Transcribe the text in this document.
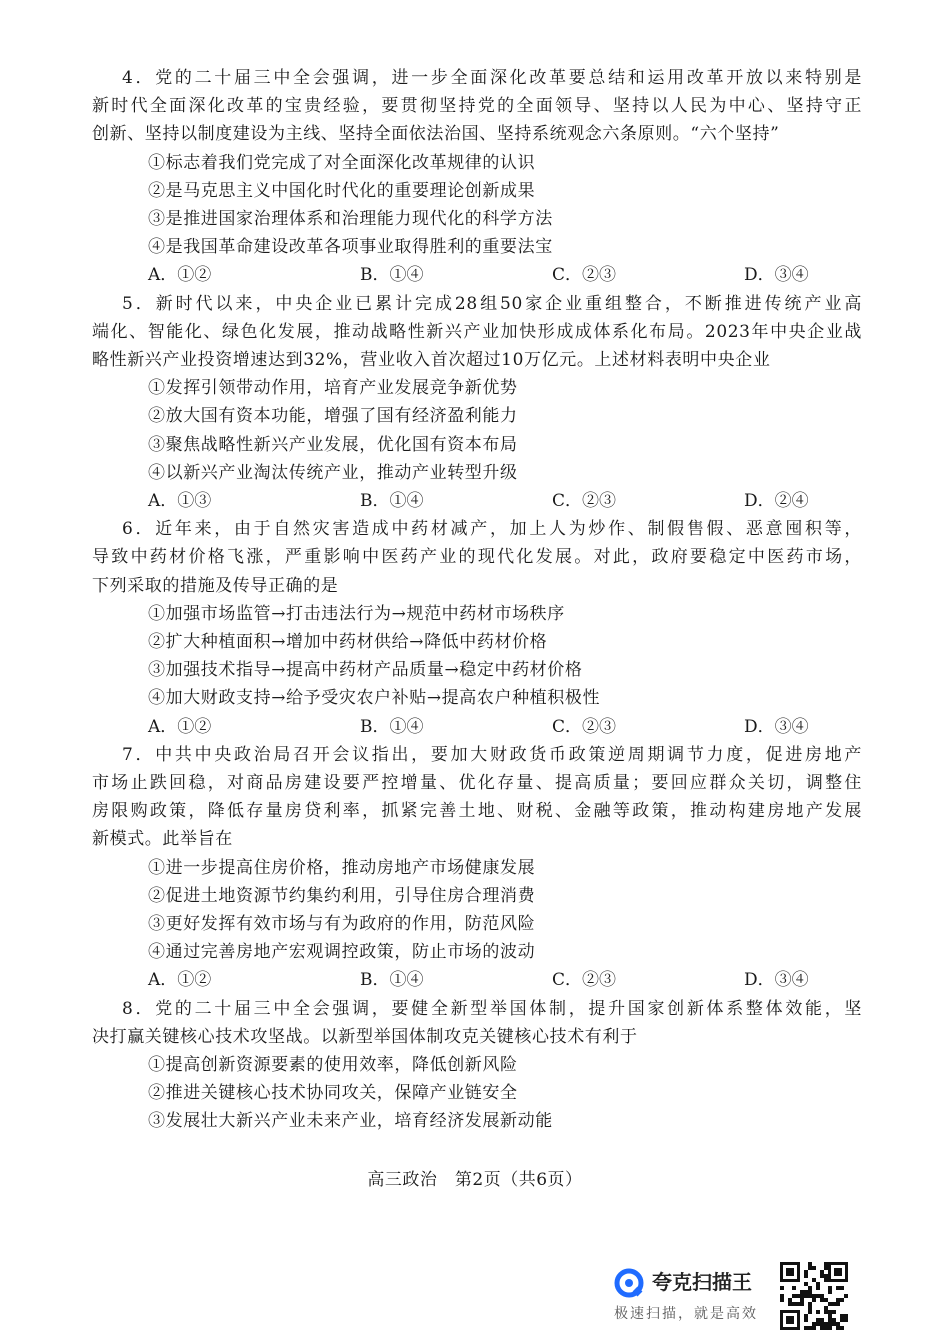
4．党的二十届三中全会强调，进一步全面深化改革要总结和运用改革开放以来特别是
新时代全面深化改革的宝贵经验，要贯彻坚持党的全面领导、坚持以人民为中心、坚持守正
创新、坚持以制度建设为主线、坚持全面依法治国、坚持系统观念六条原则。“六个坚持”
①标志着我们党完成了对全面深化改革规律的认识
②是马克思主义中国化时代化的重要理论创新成果
③是推进国家治理体系和治理能力现代化的科学方法
④是我国革命建设改革各项事业取得胜利的重要法宝
A．①②	B．①④	C．②③	D．③④
5．新时代以来，中央企业已累计完成28组50家企业重组整合，不断推进传统产业高
端化、智能化、绿色化发展，推动战略性新兴产业加快形成成体系化布局。2023年中央企业战
略性新兴产业投资增速达到32%，营业收入首次超过10万亿元。上述材料表明中央企业
①发挥引领带动作用，培育产业发展竞争新优势
②放大国有资本功能，增强了国有经济盈利能力
③聚焦战略性新兴产业发展，优化国有资本布局
④以新兴产业淘汰传统产业，推动产业转型升级
A．①③	B．①④	C．②③	D．②④
6．近年来，由于自然灾害造成中药材减产，加上人为炒作、制假售假、恶意囤积等，
导致中药材价格飞涨，严重影响中医药产业的现代化发展。对此，政府要稳定中医药市场，
下列采取的措施及传导正确的是
①加强市场监管→打击违法行为→规范中药材市场秩序
②扩大种植面积→增加中药材供给→降低中药材价格
③加强技术指导→提高中药材产品质量→稳定中药材价格
④加大财政支持→给予受灾农户补贴→提高农户种植积极性
A．①②	B．①④	C．②③	D．③④
7．中共中央政治局召开会议指出，要加大财政货币政策逆周期调节力度，促进房地产
市场止跌回稳，对商品房建设要严控增量、优化存量、提高质量；要回应群众关切，调整住
房限购政策，降低存量房贷利率，抓紧完善土地、财税、金融等政策，推动构建房地产发展
新模式。此举旨在
①进一步提高住房价格，推动房地产市场健康发展
②促进土地资源节约集约利用，引导住房合理消费
③更好发挥有效市场与有为政府的作用，防范风险
④通过完善房地产宏观调控政策，防止市场的波动
A．①②	B．①④	C．②③	D．③④
8．党的二十届三中全会强调，要健全新型举国体制，提升国家创新体系整体效能，坚
决打赢关键核心技术攻坚战。以新型举国体制攻克关键核心技术有利于
①提高创新资源要素的使用效率，降低创新风险
②推进关键核心技术协同攻关，保障产业链安全
③发展壮大新兴产业未来产业，培育经济发展新动能
高三政治　第2页（共6页）
夸克扫描王
极速扫描，就是高效
